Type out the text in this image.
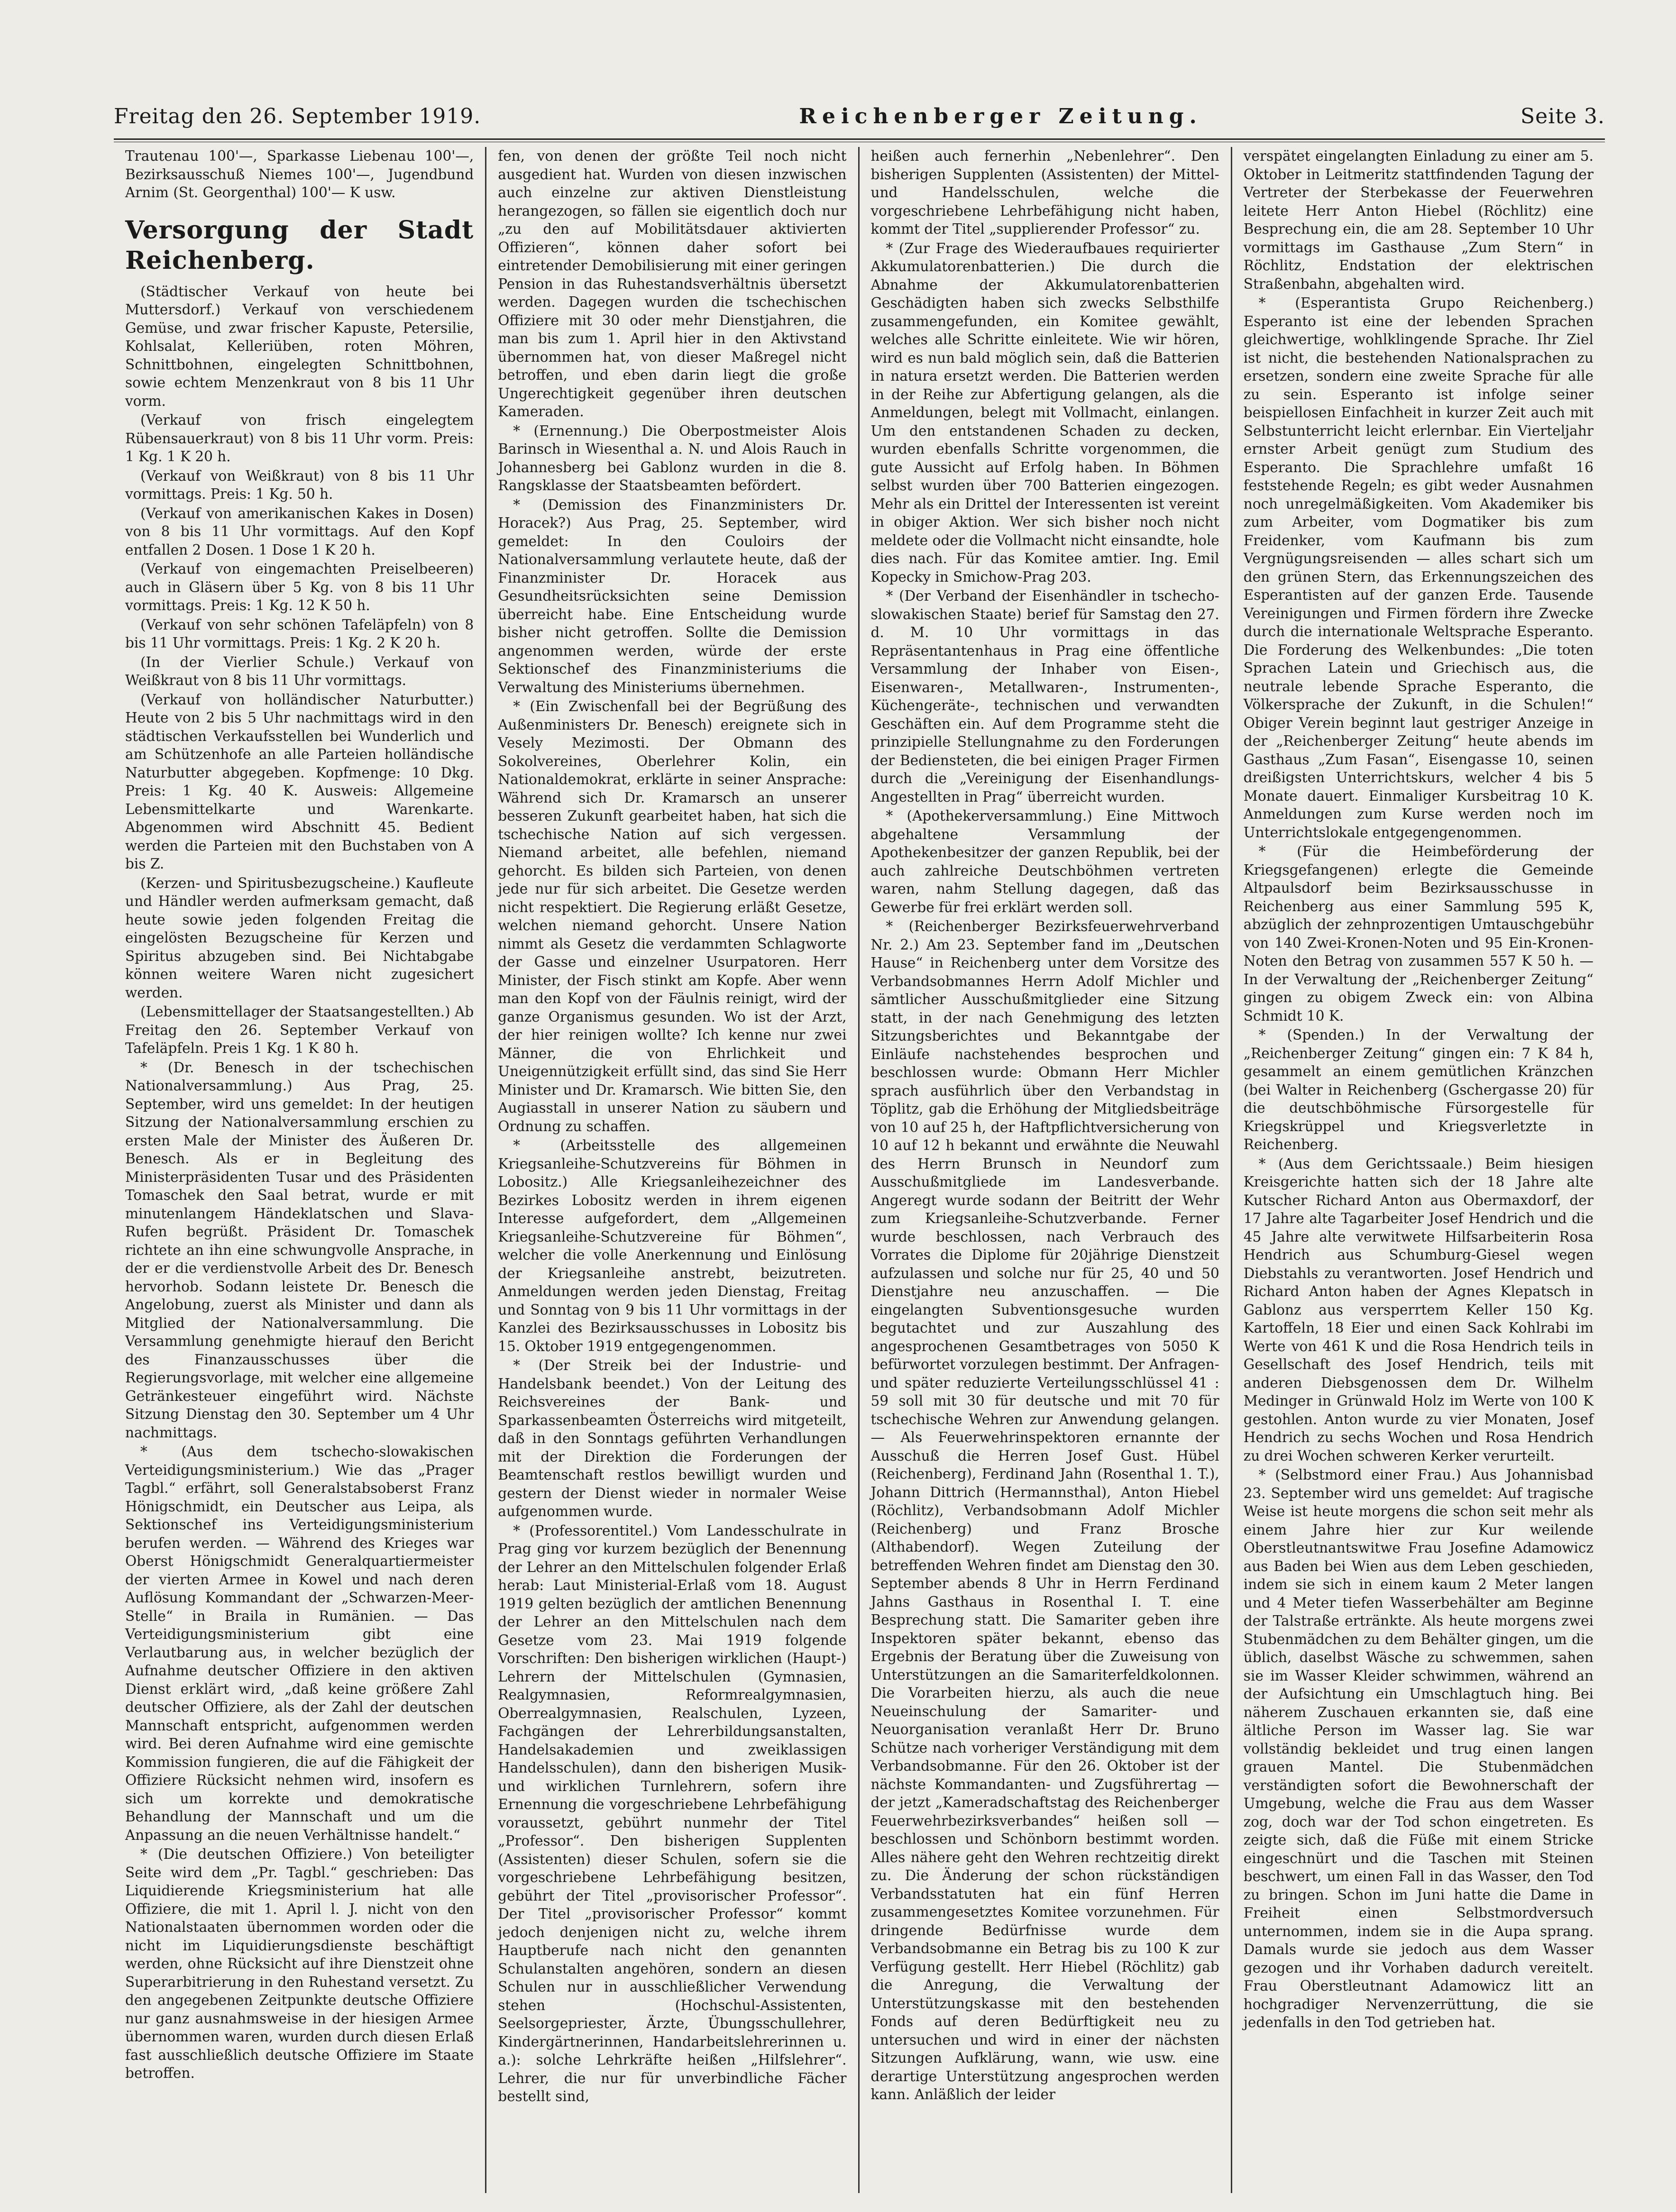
Freitag den 26. September 1919.	Reichenberger Zeitung.	Seite 3.

Trautenau 100'—, Sparkasse Liebenau 100'—, Bezirksausschuß Niemes 100'—, Jugendbund Arnim (St. Georgenthal) 100'— K usw.

Versorgung der Stadt Reichenberg.

(Städtischer Verkauf von heute bei Muttersdorf.) Verkauf von verschiedenem Gemüse, und zwar frischer Kapuste, Petersilie, Kohlsalat, Kelleriüben, roten Möhren, Schnittbohnen, eingelegten Schnittbohnen, sowie echtem Menzenkraut von 8 bis 11 Uhr vorm.

(Verkauf von frisch eingelegtem Rübensauerkraut) von 8 bis 11 Uhr vorm. Preis: 1 Kg. 1 K 20 h.

(Verkauf von Weißkraut) von 8 bis 11 Uhr vormittags. Preis: 1 Kg. 50 h.

(Verkauf von amerikanischen Kakes in Dosen) von 8 bis 11 Uhr vormittags. Auf den Kopf entfallen 2 Dosen. 1 Dose 1 K 20 h.

(Verkauf von eingemachten Preiselbeeren) auch in Gläsern über 5 Kg. von 8 bis 11 Uhr vormittags. Preis: 1 Kg. 12 K 50 h.

(Verkauf von sehr schönen Tafeläpfeln) von 8 bis 11 Uhr vormittags. Preis: 1 Kg. 2 K 20 h.

(In der Vierlier Schule.) Verkauf von Weißkraut von 8 bis 11 Uhr vormittags.

(Verkauf von holländischer Naturbutter.) Heute von 2 bis 5 Uhr nachmittags wird in den städtischen Verkaufsstellen bei Wunderlich und am Schützenhofe an alle Parteien holländische Naturbutter abgegeben. Kopfmenge: 10 Dkg. Preis: 1 Kg. 40 K. Ausweis: Allgemeine Lebensmittelkarte und Warenkarte. Abgenommen wird Abschnitt 45. Bedient werden die Parteien mit den Buchstaben von A bis Z.

(Kerzen- und Spiritusbezugscheine.) Kaufleute und Händler werden aufmerksam gemacht, daß heute sowie jeden folgenden Freitag die eingelösten Bezugscheine für Kerzen und Spiritus abzugeben sind. Bei Nichtabgabe können weitere Waren nicht zugesichert werden.

(Lebensmittellager der Staatsangestellten.) Ab Freitag den 26. September Verkauf von Tafeläpfeln. Preis 1 Kg. 1 K 80 h.

* (Dr. Benesch in der tschechischen Nationalversammlung.) Aus Prag, 25. September, wird uns gemeldet: In der heutigen Sitzung der Nationalversammlung erschien zu ersten Male der Minister des Äußeren Dr. Benesch. Als er in Begleitung des Ministerpräsidenten Tusar und des Präsidenten Tomaschek den Saal betrat, wurde er mit minutenlangem Händeklatschen und Slava-Rufen begrüßt. Präsident Dr. Tomaschek richtete an ihn eine schwungvolle Ansprache, in der er die verdienstvolle Arbeit des Dr. Benesch hervorhob. Sodann leistete Dr. Benesch die Angelobung, zuerst als Minister und dann als Mitglied der Nationalversammlung. Die Versammlung genehmigte hierauf den Bericht des Finanzausschusses über die Regierungsvorlage, mit welcher eine allgemeine Getränkesteuer eingeführt wird. Nächste Sitzung Dienstag den 30. September um 4 Uhr nachmittags.

* (Aus dem tschecho-slowakischen Verteidigungsministerium.) Wie das „Prager Tagbl.“ erfährt, soll Generalstabsoberst Franz Hönigschmidt, ein Deutscher aus Leipa, als Sektionschef ins Verteidigungsministerium berufen werden. — Während des Krieges war Oberst Hönigschmidt Generalquartiermeister der vierten Armee in Kowel und nach deren Auflösung Kommandant der „Schwarzen-Meer-Stelle“ in Braila in Rumänien. — Das Verteidigungsministerium gibt eine Verlautbarung aus, in welcher bezüglich der Aufnahme deutscher Offiziere in den aktiven Dienst erklärt wird, „daß keine größere Zahl deutscher Offiziere, als der Zahl der deutschen Mannschaft entspricht, aufgenommen werden wird. Bei deren Aufnahme wird eine gemischte Kommission fungieren, die auf die Fähigkeit der Offiziere Rücksicht nehmen wird, insofern es sich um korrekte und demokratische Behandlung der Mannschaft und um die Anpassung an die neuen Verhältnisse handelt.“

* (Die deutschen Offiziere.) Von beteiligter Seite wird dem „Pr. Tagbl.“ geschrieben: Das Liquidierende Kriegsministerium hat alle Offiziere, die mit 1. April l. J. nicht von den Nationalstaaten übernommen worden oder die nicht im Liquidierungsdienste beschäftigt werden, ohne Rücksicht auf ihre Dienstzeit ohne Superarbitrierung in den Ruhestand versetzt. Zu den angegebenen Zeitpunkte deutsche Offiziere nur ganz ausnahmsweise in der hiesigen Armee übernommen waren, wurden durch diesen Erlaß fast ausschließlich deutsche Offiziere im Staate betroffen.

fen, von denen der größte Teil noch nicht ausgedient hat. Wurden von diesen inzwischen auch einzelne zur aktiven Dienstleistung herangezogen, so fällen sie eigentlich doch nur „zu den auf Mobilitätsdauer aktivierten Offizieren“, können daher sofort bei eintretender Demobilisierung mit einer geringen Pension in das Ruhestandsverhältnis übersetzt werden. Dagegen wurden die tschechischen Offiziere mit 30 oder mehr Dienstjahren, die man bis zum 1. April hier in den Aktivstand übernommen hat, von dieser Maßregel nicht betroffen, und eben darin liegt die große Ungerechtigkeit gegenüber ihren deutschen Kameraden.

* (Ernennung.) Die Oberpostmeister Alois Barinsch in Wiesenthal a. N. und Alois Rauch in Johannesberg bei Gablonz wurden in die 8. Rangsklasse der Staatsbeamten befördert.

* (Demission des Finanzministers Dr. Horacek?) Aus Prag, 25. September, wird gemeldet: In den Couloirs der Nationalversammlung verlautete heute, daß der Finanzminister Dr. Horacek aus Gesundheitsrücksichten seine Demission überreicht habe. Eine Entscheidung wurde bisher nicht getroffen. Sollte die Demission angenommen werden, würde der erste Sektionschef des Finanzministeriums die Verwaltung des Ministeriums übernehmen.

* (Ein Zwischenfall bei der Begrüßung des Außenministers Dr. Benesch) ereignete sich in Vesely Mezimosti. Der Obmann des Sokolvereines, Oberlehrer Kolin, ein Nationaldemokrat, erklärte in seiner Ansprache: Während sich Dr. Kramarsch an unserer besseren Zukunft gearbeitet haben, hat sich die tschechische Nation auf sich vergessen. Niemand arbeitet, alle befehlen, niemand gehorcht. Es bilden sich Parteien, von denen jede nur für sich arbeitet. Die Gesetze werden nicht respektiert. Die Regierung erläßt Gesetze, welchen niemand gehorcht. Unsere Nation nimmt als Gesetz die verdammten Schlagworte der Gasse und einzelner Usurpatoren. Herr Minister, der Fisch stinkt am Kopfe. Aber wenn man den Kopf von der Fäulnis reinigt, wird der ganze Organismus gesunden. Wo ist der Arzt, der hier reinigen wollte? Ich kenne nur zwei Männer, die von Ehrlichkeit und Uneigennützigkeit erfüllt sind, das sind Sie Herr Minister und Dr. Kramarsch. Wie bitten Sie, den Augiasstall in unserer Nation zu säubern und Ordnung zu schaffen.

* (Arbeitsstelle des allgemeinen Kriegsanleihe-Schutzvereins für Böhmen in Lobositz.) Alle Kriegsanleihezeichner des Bezirkes Lobositz werden in ihrem eigenen Interesse aufgefordert, dem „Allgemeinen Kriegsanleihe-Schutzvereine für Böhmen“, welcher die volle Anerkennung und Einlösung der Kriegsanleihe anstrebt, beizutreten. Anmeldungen werden jeden Dienstag, Freitag und Sonntag von 9 bis 11 Uhr vormittags in der Kanzlei des Bezirksausschusses in Lobositz bis 15. Oktober 1919 entgegengenommen.

* (Der Streik bei der Industrie- und Handelsbank beendet.) Von der Leitung des Reichsvereines der Bank- und Sparkassenbeamten Österreichs wird mitgeteilt, daß in den Sonntags geführten Verhandlungen mit der Direktion die Forderungen der Beamtenschaft restlos bewilligt wurden und gestern der Dienst wieder in normaler Weise aufgenommen wurde.

* (Professorentitel.) Vom Landesschulrate in Prag ging vor kurzem bezüglich der Benennung der Lehrer an den Mittelschulen folgender Erlaß herab: Laut Ministerial-Erlaß vom 18. August 1919 gelten bezüglich der amtlichen Benennung der Lehrer an den Mittelschulen nach dem Gesetze vom 23. Mai 1919 folgende Vorschriften: Den bisherigen wirklichen (Haupt-) Lehrern der Mittelschulen (Gymnasien, Realgymnasien, Reformrealgymnasien, Oberrealgymnasien, Realschulen, Lyzeen, Fachgängen der Lehrerbildungsanstalten, Handelsakademien und zweiklassigen Handelsschulen), dann den bisherigen Musik- und wirklichen Turnlehrern, sofern ihre Ernennung die vorgeschriebene Lehrbefähigung voraussetzt, gebührt nunmehr der Titel „Professor“. Den bisherigen Supplenten (Assistenten) dieser Schulen, sofern sie die vorgeschriebene Lehrbefähigung besitzen, gebührt der Titel „provisorischer Professor“. Der Titel „provisorischer Professor“ kommt jedoch denjenigen nicht zu, welche ihrem Hauptberufe nach nicht den genannten Schulanstalten angehören, sondern an diesen Schulen nur in ausschließlicher Verwendung stehen (Hochschul-Assistenten, Seelsorgepriester, Ärzte, Übungsschullehrer, Kindergärtnerinnen, Handarbeitslehrerinnen u. a.): solche Lehrkräfte heißen „Hilfslehrer“. Lehrer, die nur für unverbindliche Fächer bestellt sind,

heißen auch fernerhin „Nebenlehrer“. Den bisherigen Supplenten (Assistenten) der Mittel- und Handelsschulen, welche die vorgeschriebene Lehrbefähigung nicht haben, kommt der Titel „supplierender Professor“ zu.

* (Zur Frage des Wiederaufbaues requirierter Akkumulatorenbatterien.) Die durch die Abnahme der Akkumulatorenbatterien Geschädigten haben sich zwecks Selbsthilfe zusammengefunden, ein Komitee gewählt, welches alle Schritte einleitete. Wie wir hören, wird es nun bald möglich sein, daß die Batterien in natura ersetzt werden. Die Batterien werden in der Reihe zur Abfertigung gelangen, als die Anmeldungen, belegt mit Vollmacht, einlangen. Um den entstandenen Schaden zu decken, wurden ebenfalls Schritte vorgenommen, die gute Aussicht auf Erfolg haben. In Böhmen selbst wurden über 700 Batterien eingezogen. Mehr als ein Drittel der Interessenten ist vereint in obiger Aktion. Wer sich bisher noch nicht meldete oder die Vollmacht nicht einsandte, hole dies nach. Für das Komitee amtier. Ing. Emil Kopecky in Smichow-Prag 203.

* (Der Verband der Eisenhändler in tschecho-slowakischen Staate) berief für Samstag den 27. d. M. 10 Uhr vormittags in das Repräsentantenhaus in Prag eine öffentliche Versammlung der Inhaber von Eisen-, Eisenwaren-, Metallwaren-, Instrumenten-, Küchengeräte-, technischen und verwandten Geschäften ein. Auf dem Programme steht die prinzipielle Stellungnahme zu den Forderungen der Bediensteten, die bei einigen Prager Firmen durch die „Vereinigung der Eisenhandlungs-Angestellten in Prag“ überreicht wurden.

* (Apothekerversammlung.) Eine Mittwoch abgehaltene Versammlung der Apothekenbesitzer der ganzen Republik, bei der auch zahlreiche Deutschböhmen vertreten waren, nahm Stellung dagegen, daß das Gewerbe für frei erklärt werden soll.

* (Reichenberger Bezirksfeuerwehrverband Nr. 2.) Am 23. September fand im „Deutschen Hause“ in Reichenberg unter dem Vorsitze des Verbandsobmannes Herrn Adolf Michler und sämtlicher Ausschußmitglieder eine Sitzung statt, in der nach Genehmigung des letzten Sitzungsberichtes und Bekanntgabe der Einläufe nachstehendes besprochen und beschlossen wurde: Obmann Herr Michler sprach ausführlich über den Verbandstag in Töplitz, gab die Erhöhung der Mitgliedsbeiträge von 10 auf 25 h, der Haftpflichtversicherung von 10 auf 12 h bekannt und erwähnte die Neuwahl des Herrn Brunsch in Neundorf zum Ausschußmitgliede im Landesverbande. Angeregt wurde sodann der Beitritt der Wehr zum Kriegsanleihe-Schutzverbande. Ferner wurde beschlossen, nach Verbrauch des Vorrates die Diplome für 20jährige Dienstzeit aufzulassen und solche nur für 25, 40 und 50 Dienstjahre neu anzuschaffen. — Die eingelangten Subventionsgesuche wurden begutachtet und zur Auszahlung des angesprochenen Gesamtbetrages von 5050 K befürwortet vorzulegen bestimmt. Der Anfragen- und später reduzierte Verteilungsschlüssel 41 : 59 soll mit 30 für deutsche und mit 70 für tschechische Wehren zur Anwendung gelangen. — Als Feuerwehrinspektoren ernannte der Ausschuß die Herren Josef Gust. Hübel (Reichenberg), Ferdinand Jahn (Rosenthal 1. T.), Johann Dittrich (Hermannsthal), Anton Hiebel (Röchlitz), Verbandsobmann Adolf Michler (Reichenberg) und Franz Brosche (Althabendorf). Wegen Zuteilung der betreffenden Wehren findet am Dienstag den 30. September abends 8 Uhr in Herrn Ferdinand Jahns Gasthaus in Rosenthal I. T. eine Besprechung statt. Die Samariter geben ihre Inspektoren später bekannt, ebenso das Ergebnis der Beratung über die Zuweisung von Unterstützungen an die Samariterfeldkolonnen. Die Vorarbeiten hierzu, als auch die neue Neueinschulung der Samariter- und Neuorganisation veranlaßt Herr Dr. Bruno Schütze nach vorheriger Verständigung mit dem Verbandsobmanne. Für den 26. Oktober ist der nächste Kommandanten- und Zugsführertag — der jetzt „Kameradschaftstag des Reichenberger Feuerwehrbezirksverbandes“ heißen soll — beschlossen und Schönborn bestimmt worden. Alles nähere geht den Wehren rechtzeitig direkt zu. Die Änderung der schon rückständigen Verbandsstatuten hat ein fünf Herren zusammengesetztes Komitee vorzunehmen. Für dringende Bedürfnisse wurde dem Verbandsobmanne ein Betrag bis zu 100 K zur Verfügung gestellt. Herr Hiebel (Röchlitz) gab die Anregung, die Verwaltung der Unterstützungskasse mit den bestehenden Fonds auf deren Bedürftigkeit neu zu untersuchen und wird in einer der nächsten Sitzungen Aufklärung, wann, wie usw. eine derartige Unterstützung angesprochen werden kann. Anläßlich der leider

verspätet eingelangten Einladung zu einer am 5. Oktober in Leitmeritz stattfindenden Tagung der Vertreter der Sterbekasse der Feuerwehren leitete Herr Anton Hiebel (Röchlitz) eine Besprechung ein, die am 28. September 10 Uhr vormittags im Gasthause „Zum Stern“ in Röchlitz, Endstation der elektrischen Straßenbahn, abgehalten wird.

* (Esperantista Grupo Reichenberg.) Esperanto ist eine der lebenden Sprachen gleichwertige, wohlklingende Sprache. Ihr Ziel ist nicht, die bestehenden Nationalsprachen zu ersetzen, sondern eine zweite Sprache für alle zu sein. Esperanto ist infolge seiner beispiellosen Einfachheit in kurzer Zeit auch mit Selbstunterricht leicht erlernbar. Ein Vierteljahr ernster Arbeit genügt zum Studium des Esperanto. Die Sprachlehre umfaßt 16 feststehende Regeln; es gibt weder Ausnahmen noch unregelmäßigkeiten. Vom Akademiker bis zum Arbeiter, vom Dogmatiker bis zum Freidenker, vom Kaufmann bis zum Vergnügungsreisenden — alles schart sich um den grünen Stern, das Erkennungszeichen des Esperantisten auf der ganzen Erde. Tausende Vereinigungen und Firmen fördern ihre Zwecke durch die internationale Weltsprache Esperanto. Die Forderung des Welkenbundes: „Die toten Sprachen Latein und Griechisch aus, die neutrale lebende Sprache Esperanto, die Völkersprache der Zukunft, in die Schulen!“ Obiger Verein beginnt laut gestriger Anzeige in der „Reichenberger Zeitung“ heute abends im Gasthaus „Zum Fasan“, Eisengasse 10, seinen dreißigsten Unterrichtskurs, welcher 4 bis 5 Monate dauert. Einmaliger Kursbeitrag 10 K. Anmeldungen zum Kurse werden noch im Unterrichtslokale entgegengenommen.

* (Für die Heimbeförderung der Kriegsgefangenen) erlegte die Gemeinde Altpaulsdorf beim Bezirksausschusse in Reichenberg aus einer Sammlung 595 K, abzüglich der zehnprozentigen Umtauschgebühr von 140 Zwei-Kronen-Noten und 95 Ein-Kronen-Noten den Betrag von zusammen 557 K 50 h. — In der Verwaltung der „Reichenberger Zeitung“ gingen zu obigem Zweck ein: von Albina Schmidt 10 K.

* (Spenden.) In der Verwaltung der „Reichenberger Zeitung“ gingen ein: 7 K 84 h, gesammelt an einem gemütlichen Kränzchen (bei Walter in Reichenberg (Gschergasse 20) für die deutschböhmische Fürsorgestelle für Kriegskrüppel und Kriegsverletzte in Reichenberg.

* (Aus dem Gerichtssaale.) Beim hiesigen Kreisgerichte hatten sich der 18 Jahre alte Kutscher Richard Anton aus Obermaxdorf, der 17 Jahre alte Tagarbeiter Josef Hendrich und die 45 Jahre alte verwitwete Hilfsarbeiterin Rosa Hendrich aus Schumburg-Giesel wegen Diebstahls zu verantworten. Josef Hendrich und Richard Anton haben der Agnes Klepatsch in Gablonz aus versperrtem Keller 150 Kg. Kartoffeln, 18 Eier und einen Sack Kohlrabi im Werte von 461 K und die Rosa Hendrich teils in Gesellschaft des Josef Hendrich, teils mit anderen Diebsgenossen dem Dr. Wilhelm Medinger in Grünwald Holz im Werte von 100 K gestohlen. Anton wurde zu vier Monaten, Josef Hendrich zu sechs Wochen und Rosa Hendrich zu drei Wochen schweren Kerker verurteilt.

* (Selbstmord einer Frau.) Aus Johannisbad 23. September wird uns gemeldet: Auf tragische Weise ist heute morgens die schon seit mehr als einem Jahre hier zur Kur weilende Oberstleutnantswitwe Frau Josefine Adamowicz aus Baden bei Wien aus dem Leben geschieden, indem sie sich in einem kaum 2 Meter langen und 4 Meter tiefen Wasserbehälter am Beginne der Talstraße ertränkte. Als heute morgens zwei Stubenmädchen zu dem Behälter gingen, um die üblich, daselbst Wäsche zu schwemmen, sahen sie im Wasser Kleider schwimmen, während an der Aufsichtung ein Umschlagtuch hing. Bei näherem Zuschauen erkannten sie, daß eine ältliche Person im Wasser lag. Sie war vollständig bekleidet und trug einen langen grauen Mantel. Die Stubenmädchen verständigten sofort die Bewohnerschaft der Umgebung, welche die Frau aus dem Wasser zog, doch war der Tod schon eingetreten. Es zeigte sich, daß die Füße mit einem Stricke eingeschnürt und die Taschen mit Steinen beschwert, um einen Fall in das Wasser, den Tod zu bringen. Schon im Juni hatte die Dame in Freiheit einen Selbstmordversuch unternommen, indem sie in die Aupa sprang. Damals wurde sie jedoch aus dem Wasser gezogen und ihr Vorhaben dadurch vereitelt. Frau Oberstleutnant Adamowicz litt an hochgradiger Nervenzerrüttung, die sie jedenfalls in den Tod getrieben hat.
